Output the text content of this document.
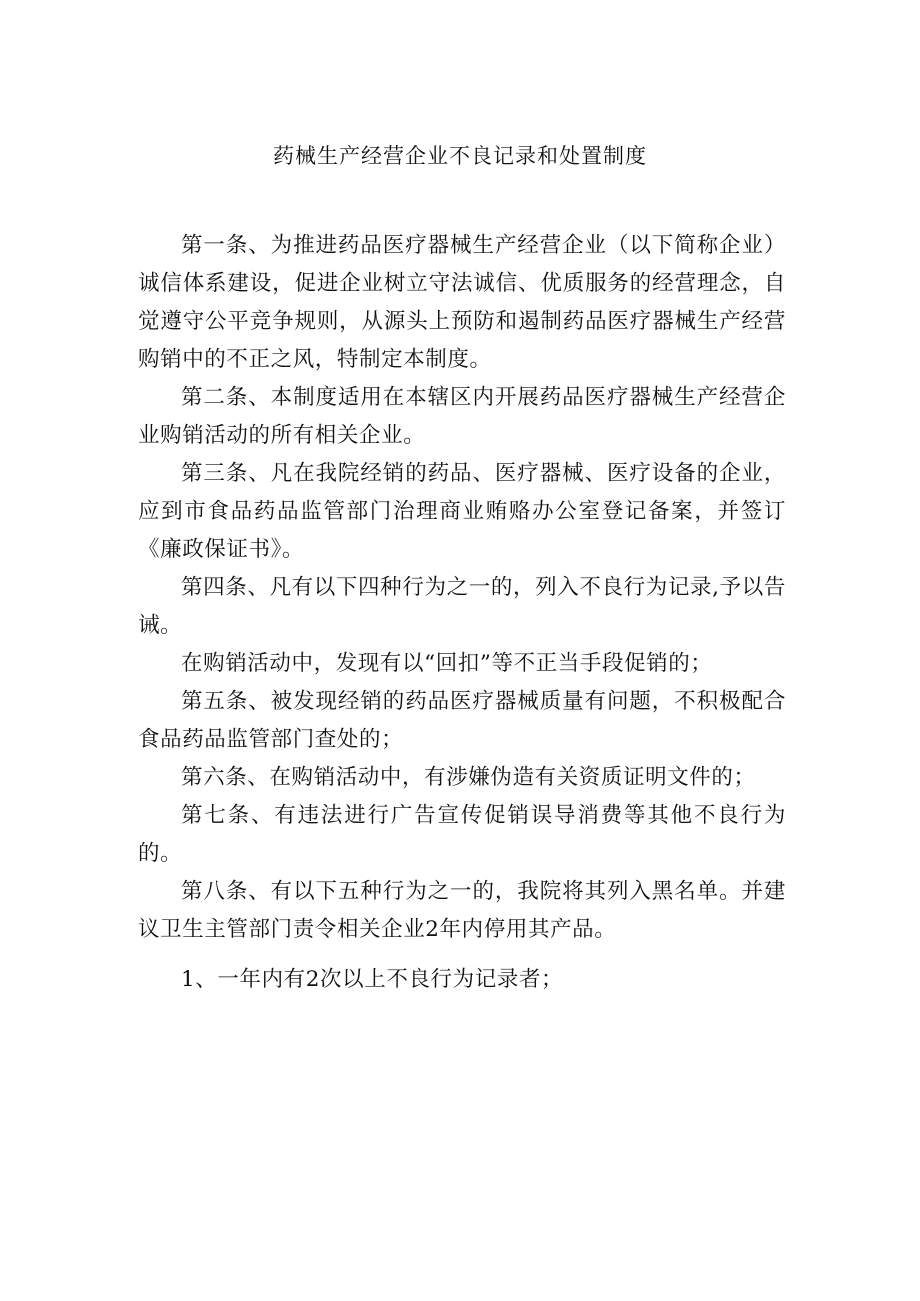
药械生产经营企业不良记录和处置制度

第一条、为推进药品医疗器械生产经营企业（以下简称企业）诚信体系建设，促进企业树立守法诚信、优质服务的经营理念，自觉遵守公平竞争规则，从源头上预防和遏制药品医疗器械生产经营购销中的不正之风，特制定本制度。

第二条、本制度适用在本辖区内开展药品医疗器械生产经营企业购销活动的所有相关企业。

第三条、凡在我院经销的药品、医疗器械、医疗设备的企业，应到市食品药品监管部门治理商业贿赂办公室登记备案，并签订《廉政保证书》。

第四条、凡有以下四种行为之一的，列入不良行为记录,予以告诫。

在购销活动中，发现有以“回扣”等不正当手段促销的；

第五条、被发现经销的药品医疗器械质量有问题，不积极配合食品药品监管部门查处的；

第六条、在购销活动中，有涉嫌伪造有关资质证明文件的；

第七条、有违法进行广告宣传促销误导消费等其他不良行为的。

第八条、有以下五种行为之一的，我院将其列入黑名单。并建议卫生主管部门责令相关企业2年内停用其产品。

1、一年内有2次以上不良行为记录者；
